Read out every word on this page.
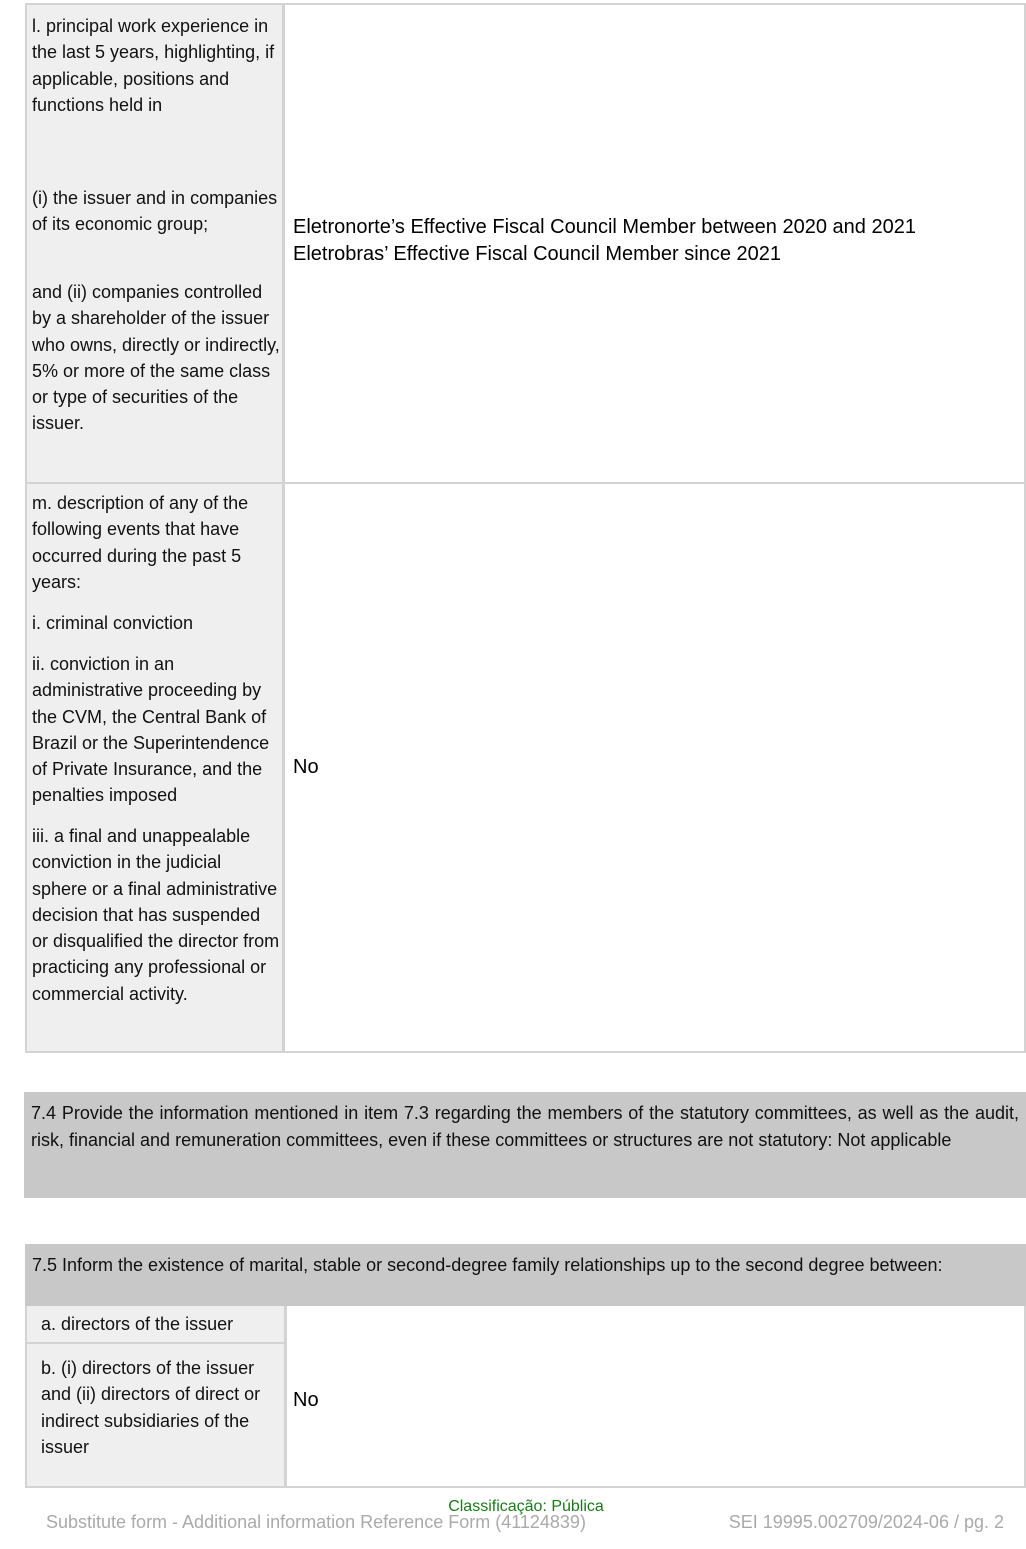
l. principal work experience in the last 5 years, highlighting, if applicable, positions and functions held in

(i) the issuer and in companies of its economic group;

and (ii) companies controlled by a shareholder of the issuer who owns, directly or indirectly, 5% or more of the same class or type of securities of the issuer.

Eletronorte’s Effective Fiscal Council Member between 2020 and 2021

Eletrobras’ Effective Fiscal Council Member since 2021

m. description of any of the following events that have occurred during the past 5 years:

i. criminal conviction

ii. conviction in an administrative proceeding by the CVM, the Central Bank of Brazil or the Superintendence of Private Insurance, and the penalties imposed

iii. a final and unappealable conviction in the judicial sphere or a final administrative decision that has suspended or disqualified the director from practicing any professional or commercial activity.

No
7.4 Provide the information mentioned in item 7.3 regarding the members of the statutory committees, as well as the audit, risk, financial and remuneration committees, even if these committees or structures are not statutory: Not applicable
7.5 Inform the existence of marital, stable or second-degree family relationships up to the second degree between:
a. directors of the issuer
b. (i) directors of the issuer and (ii) directors of direct or indirect subsidiaries of the issuer
No
Classificação: Pública
Substitute form - Additional information Reference Form (41124839)	SEI 19995.002709/2024-06 / pg. 2
